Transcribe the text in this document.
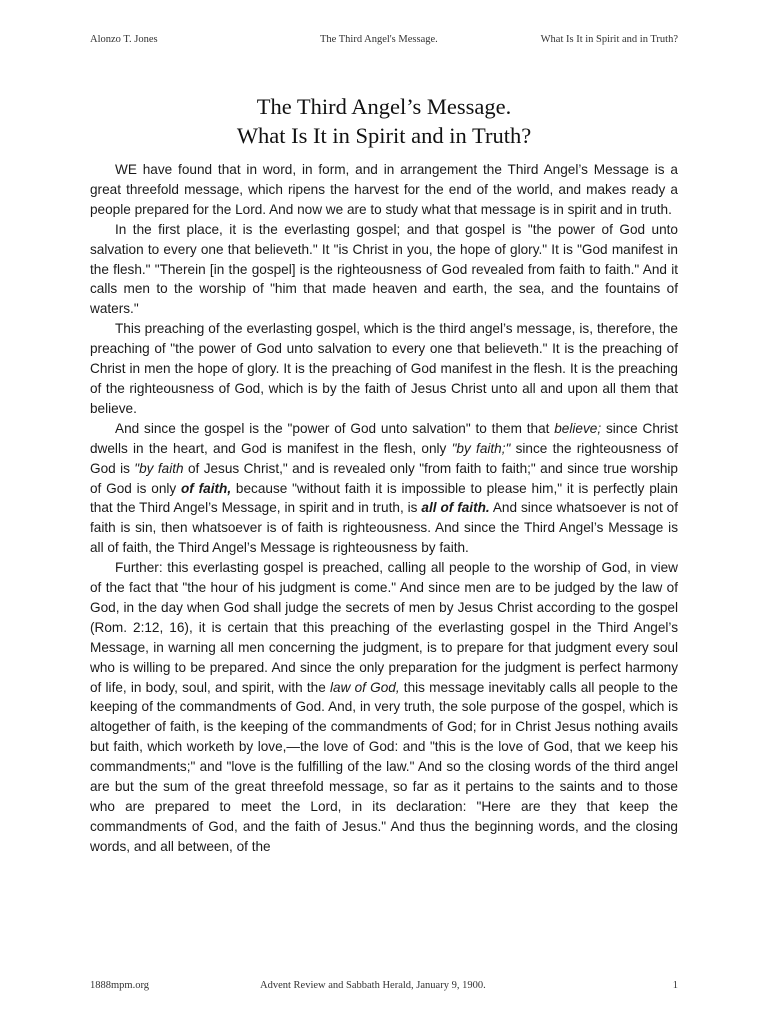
Alonzo T. Jones	The Third Angel's Message.	What Is It in Spirit and in Truth?
The Third Angel’s Message.
What Is It in Spirit and in Truth?

WE have found that in word, in form, and in arrangement the Third Angel’s Message is a great threefold message, which ripens the harvest for the end of the world, and makes ready a people prepared for the Lord. And now we are to study what that message is in spirit and in truth.

In the first place, it is the everlasting gospel; and that gospel is "the power of God unto salvation to every one that believeth." It "is Christ in you, the hope of glory." It is "God manifest in the flesh." "Therein [in the gospel] is the righteousness of God revealed from faith to faith." And it calls men to the worship of "him that made heaven and earth, the sea, and the fountains of waters."

This preaching of the everlasting gospel, which is the third angel’s message, is, therefore, the preaching of "the power of God unto salvation to every one that believeth." It is the preaching of Christ in men the hope of glory. It is the preaching of God manifest in the flesh. It is the preaching of the righteousness of God, which is by the faith of Jesus Christ unto all and upon all them that believe.

And since the gospel is the "power of God unto salvation" to them that believe; since Christ dwells in the heart, and God is manifest in the flesh, only "by faith;" since the righteousness of God is "by faith of Jesus Christ," and is revealed only "from faith to faith;" and since true worship of God is only of faith, because "without faith it is impossible to please him," it is perfectly plain that the Third Angel’s Message, in spirit and in truth, is all of faith. And since whatsoever is not of faith is sin, then whatsoever is of faith is righteousness. And since the Third Angel’s Message is all of faith, the Third Angel’s Message is righteousness by faith.

Further: this everlasting gospel is preached, calling all people to the worship of God, in view of the fact that "the hour of his judgment is come." And since men are to be judged by the law of God, in the day when God shall judge the secrets of men by Jesus Christ according to the gospel (Rom. 2:12, 16), it is certain that this preaching of the everlasting gospel in the Third Angel’s Message, in warning all men concerning the judgment, is to prepare for that judgment every soul who is willing to be prepared. And since the only preparation for the judgment is perfect harmony of life, in body, soul, and spirit, with the law of God, this message inevitably calls all people to the keeping of the commandments of God. And, in very truth, the sole purpose of the gospel, which is altogether of faith, is the keeping of the commandments of God; for in Christ Jesus nothing avails but faith, which worketh by love,—the love of God: and "this is the love of God, that we keep his commandments;" and "love is the fulfilling of the law." And so the closing words of the third angel are but the sum of the great threefold message, so far as it pertains to the saints and to those who are prepared to meet the Lord, in its declaration: "Here are they that keep the commandments of God, and the faith of Jesus." And thus the beginning words, and the closing words, and all between, of the

1888mpm.org	Advent Review and Sabbath Herald, January 9, 1900.	1
